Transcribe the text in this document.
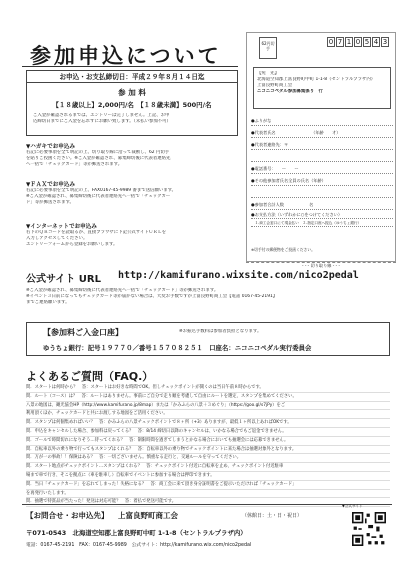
参加申込について
お申込・お支払締切日：平成２９年８月１４日迄
参 加 料
【１８歳以上】2,000円/名　【１８歳未満】500円/名
ご入金が確認されるまでは、エントリーは完了しません。上記、お申
込締切日までにご入金を忘れずにお願い致します。（未払い参加不可）
▼ハガキでお申込み
右記に必要事項を全て明記の上、切り取り線に沿って裁断し、62 円切手
を貼りご投函ください。※ご入金が確認され、募集締切後に代表者連絡先
へ一括で「チェックカード」等が郵送されます。
▼ＦＡＸでお申込み
右記に必要事項を全て明記の上、FAX0167-45-9989 番まで送信願います。
※ご入金が確認され、募集締切後に代表者連絡先へ一括で「チェックカー
ド」等が郵送されます。
▼インターネットでお申込み
右下のＱＲコードを読取るか、直接ブラウザに下記公式サイトＵＲＬを
入力しアクセスしてください。
エントリーフォームから登録をお願いします。
62円切手
0 7 1 0 5 4 3
【宛　先】
北海道空知郡上富良野町中町 1-1-8（セントラルプラザ内）
上富良野町商工会
ニコニコペダル参加募集係り　行
●ふりがな
●代表者氏名　　　　　　　　　（年齢　　才）
●代表者連絡先：〒
●電話番号：　　ー　　ー
●その他参加者氏名全員の氏名（年齢）
●参加者合計人数　　　　　　名
●お支払方法（いずれかに○をつけてください）
　１.商工会窓口にて現金払い　２.指定口座へ振込（ゆうちょ銀行）
※切手付の郵便物をご投函ください。
- - - 切り取り線 - - -
公式サイト URL http://kamifurano.wixsite.com/nico2pedal
※ご入金が確認され、募集締切後に代表者連絡先へ一括で「チェックカード」等が郵送されます。
※イベント３日前になってもチェックカード等が届かない場合は、大変お手数ですが上富良野町商工会【電話 0167-45-2191】
までご連絡願います。
【参加料ご入金口座】	※お振込手数料は参加者負担となります。
ゆうちょ銀行：記号１９７７０／番号１５７０８２５１　口座名：ニコニコペダル実行委員会
よくあるご質問（FAQ.）
問．スタートは何時から？　答：スタートはお好きな時間でOK。但しチェックポイントが開くのは当日午前８時からです。
問．ルート（コース）は？　答：ルートはありません。事前にご自分で走り順を考慮して自由にルートを選定、スタンプを集めてください。
八景の地図は、観光協会HP（http://www.kamifurano.jp/8map）または「かみふらの八景＋３めぐり」（https://goo.gl/s7jPy）をご
利用頂くほか、チェックカードと共にお渡しする地図をご活用ください。
問．スタンプは何個集めればいい？　答：かみふらの八景チェックポイントで８ヶ所（+3）ありますが、最低１ヶ所以上あればOKです。
問．申込をキャンセルした場合、参加料は戻ってくる？　答：8/14 締切日以降のキャンセルは、いかなる場合でもご返金できません。
問．ゴールで時間切れになりそう…待ってくれる？　答：制限時間を過ぎてしまうとかなる場合においても抽選会には応募できません。
問．自転車以外の乗り物で行ってもスタンプはくれる？　答：自転車以外の乗り物でチェックポイントに来た場合は抽選対象外となります。
問．万が一の事故！！保険はある？　答：一切ございません。慎重なる走行と、交通ルールを守ってください。
問．スタート地点がチェックポイント…スタンプはくれる？　答：チェックポイント付近に自転車を止め、チェックポイント付近駐車
場まで車で行き、そこを拠点に（車を駐車し）自転車でイベントに参加する場合は押印できます。
問．当日「チェックカード」を忘れてしまった！失格になる？　答：商工会に来て頂き身分証明書をご提示いただければ「チェックカード」
を再発行いたします。
問．抽選で特賞品が当たった！発送は対応可能？　答：着払で発送可能です。
【お問合せ・お申込先】 上富良野町商工会	（休館日：土・日・祝日）
〒071-0543　北海道空知郡上富良野町中町 1-1-8（セントラルプラザ内）
電話：0167-45-2191　FAX：0167-45-9989　公式サイト：http://kamifurano.wix.com/nico2pedal
▼公式サイト
